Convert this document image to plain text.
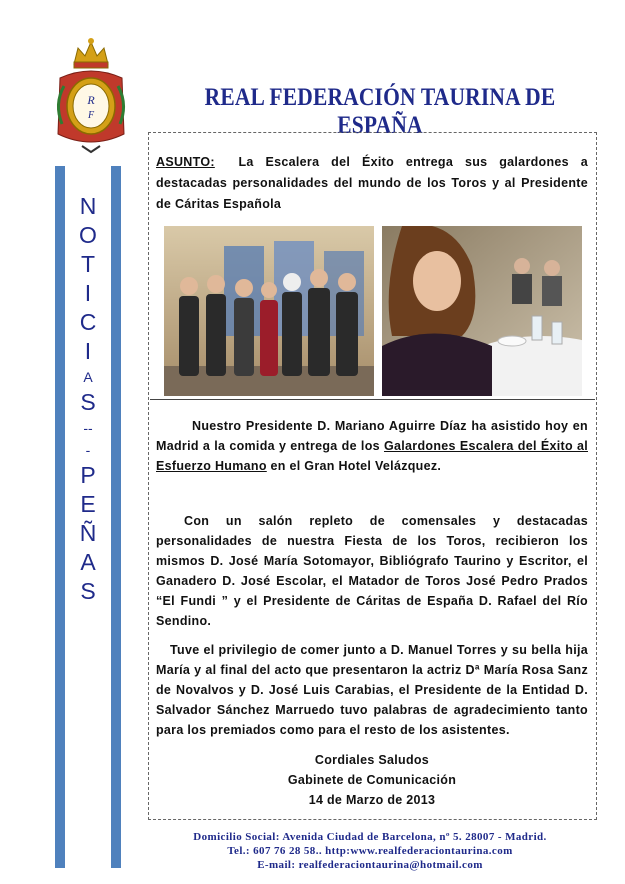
R
F
REAL FEDERACIÓN TAURINA DE ESPAÑA
N
O
T
I
C
I
A
S
--
-
P
E
Ñ
A
S
ASUNTO: La Escalera del Éxito entrega sus galardones a destacadas personalidades del mundo de los Toros y al Presidente de Cáritas Española
Nuestro Presidente D. Mariano Aguirre Díaz ha asistido hoy en Madrid a la comida y entrega de los Galardones Escalera del Éxito al Esfuerzo Humano en el Gran Hotel Velázquez.
Con un salón repleto de comensales y destacadas personalidades de nuestra Fiesta de los Toros, recibieron los mismos D. José María Sotomayor, Bibliógrafo Taurino y Escritor, el Ganadero D. José Escolar, el Matador de Toros José Pedro Prados “El Fundi ” y el Presidente de Cáritas de España D. Rafael del Río Sendino.
Tuve el privilegio de comer junto a D. Manuel Torres y su bella hija María y al final del acto que presentaron la actriz Dª María Rosa Sanz de Novalvos y D. José Luis Carabias, el Presidente de la Entidad D. Salvador Sánchez Marruedo tuvo palabras de agradecimiento tanto para los premiados como para el resto de los asistentes.
Cordiales Saludos
Gabinete de Comunicación
14 de Marzo de 2013
Domicilio Social: Avenida Ciudad de Barcelona, nº 5. 28007 - Madrid.
Tel.: 607 76 28 58.. http:www.realfederaciontaurina.com
E-mail: realfederaciontaurina@hotmail.com
